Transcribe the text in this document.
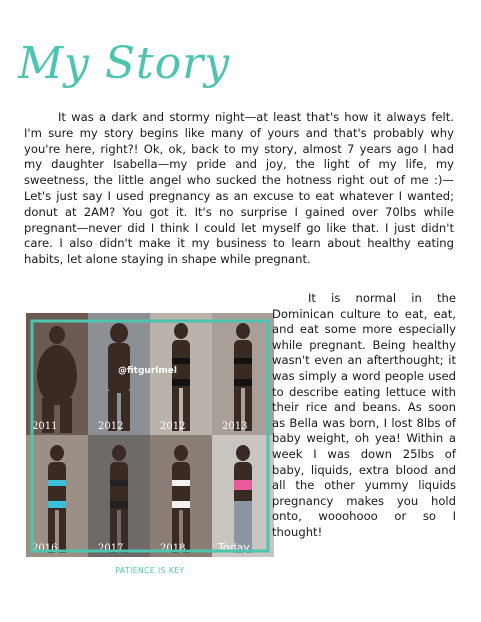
My Story

It was a dark and stormy night—at least that's how it always felt. I'm sure my story begins like many of yours and that's probably why you're here, right?! Ok, ok, back to my story, almost 7 years ago I had my daughter Isabella—my pride and joy, the light of my life, my sweetness, the little angel who sucked the hotness right out of me :)—Let's just say I used pregnancy as an excuse to eat whatever I wanted; donut at 2AM? You got it. It's no surprise I gained over 70lbs while pregnant—never did I think I could let myself go like that. I just didn't care. I also didn't make it my business to learn about healthy eating habits, let alone staying in shape while pregnant.

@fitgurlmel
2011	2012	2012	2013
2016	2017	2018	Today
PATIENCE IS KEY

It is normal in the Dominican culture to eat, eat, and eat some more especially while pregnant. Being healthy wasn't even an afterthought; it was simply a word people used to describe eating lettuce with their rice and beans. As soon as Bella was born, I lost 8lbs of baby weight, oh yea! Within a week I was down 25lbs of baby, liquids, extra blood and all the other yummy liquids pregnancy makes you hold onto, wooohooo or so I thought!
